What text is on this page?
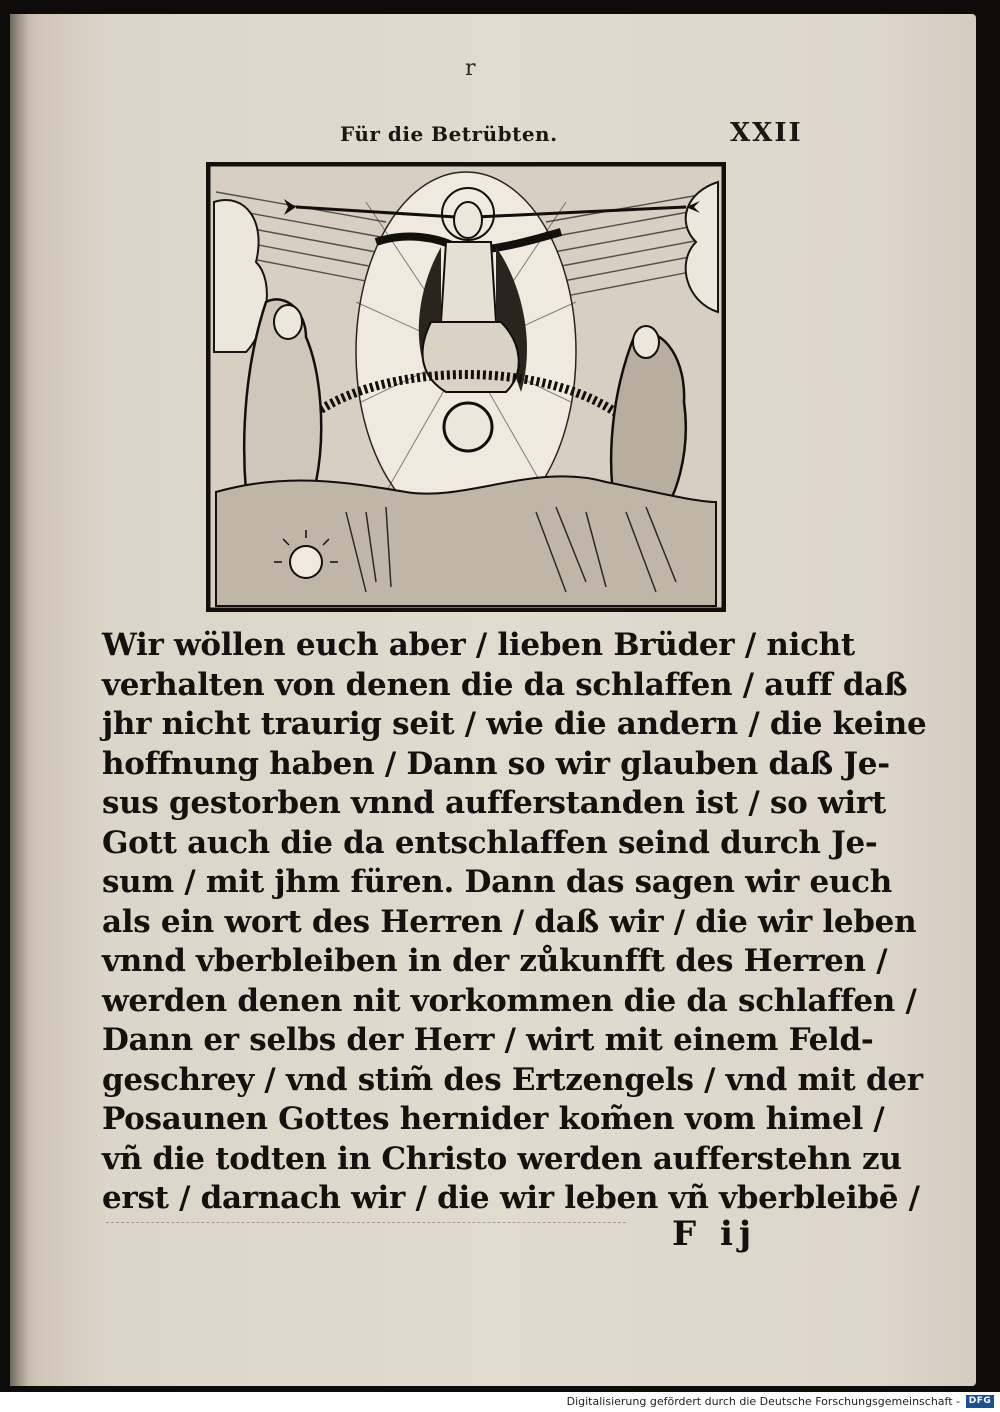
r
Für die Betrübten.	XXII
Wir wöllen euch aber / lieben Brüder / nicht
verhalten von denen die da schlaffen / auff daß
jhr nicht traurig seit / wie die andern / die keine
hoffnung haben / Dann so wir glauben daß Je-
sus gestorben vnnd aufferstanden ist / so wirt
Gott auch die da entschlaffen seind durch Je-
sum / mit jhm füren. Dann das sagen wir euch
als ein wort des Herren / daß wir / die wir leben
vnnd vberbleiben in der zůkunfft des Herren /
werden denen nit vorkommen die da schlaffen /
Dann er selbs der Herr / wirt mit einem Feld-
geschrey / vnd stim̃ des Ertzengels / vnd mit der
Posaunen Gottes hernider kom̃en vom himel /
vñ die todten in Christo werden aufferstehn zu
erst / darnach wir / die wir leben vñ vberbleibē /
F ij
Digitalisierung gefördert durch die Deutsche Forschungsgemeinschaft - DFG
